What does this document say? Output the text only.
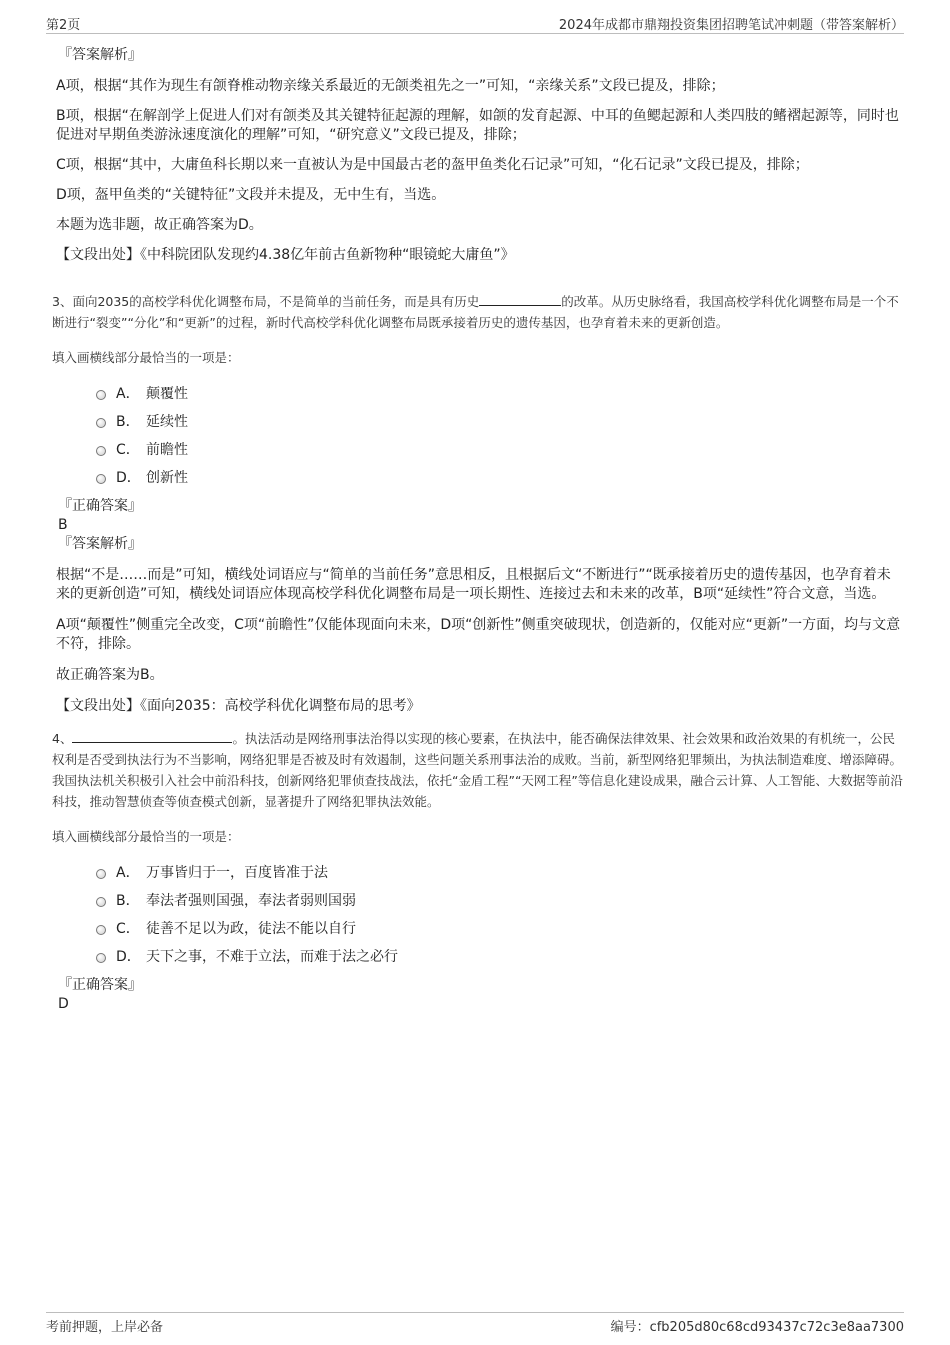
第2页	2024年成都市鼎翔投资集团招聘笔试冲刺题（带答案解析）
『答案解析』

A项，根据“其作为现生有颌脊椎动物亲缘关系最近的无颌类祖先之一”可知，“亲缘关系”文段已提及，排除；

B项，根据“在解剖学上促进人们对有颌类及其关键特征起源的理解，如颌的发育起源、中耳的鱼鳃起源和人类四肢的鳍褶起源等，同时也促进对早期鱼类游泳速度演化的理解”可知，“研究意义”文段已提及，排除；

C项，根据“其中，大庸鱼科长期以来一直被认为是中国最古老的盔甲鱼类化石记录”可知，“化石记录”文段已提及，排除；

D项，盔甲鱼类的“关键特征”文段并未提及，无中生有，当选。

本题为选非题，故正确答案为D。

【文段出处】《中科院团队发现约4.38亿年前古鱼新物种“眼镜蛇大庸鱼”》

3、面向2035的高校学科优化调整布局，不是简单的当前任务，而是具有历史	的改革。从历史脉络看，我国高校学科优化调整布局是一个不断进行“裂变”“分化”和“更新”的过程，新时代高校学科优化调整布局既承接着历史的遗传基因，也孕育着未来的更新创造。

填入画横线部分最恰当的一项是：

A． 颠覆性
B． 延续性
C． 前瞻性
D． 创新性
『正确答案』
B
『答案解析』

根据“不是……而是”可知，横线处词语应与“简单的当前任务”意思相反，且根据后文“不断进行”“既承接着历史的遗传基因，也孕育着未来的更新创造”可知，横线处词语应体现高校学科优化调整布局是一项长期性、连接过去和未来的改革，B项“延续性”符合文意，当选。

A项“颠覆性”侧重完全改变，C项“前瞻性”仅能体现面向未来，D项“创新性”侧重突破现状，创造新的，仅能对应“更新”一方面，均与文意不符，排除。

故正确答案为B。

【文段出处】《面向2035：高校学科优化调整布局的思考》

4、	。执法活动是网络刑事法治得以实现的核心要素，在执法中，能否确保法律效果、社会效果和政治效果的有机统一，公民权利是否受到执法行为不当影响，网络犯罪是否被及时有效遏制，这些问题关系刑事法治的成败。当前，新型网络犯罪频出，为执法制造难度、增添障碍。我国执法机关积极引入社会中前沿科技，创新网络犯罪侦查技战法，依托“金盾工程”“天网工程”等信息化建设成果，融合云计算、人工智能、大数据等前沿科技，推动智慧侦查等侦查模式创新，显著提升了网络犯罪执法效能。

填入画横线部分最恰当的一项是：

A． 万事皆归于一，百度皆准于法
B． 奉法者强则国强，奉法者弱则国弱
C． 徒善不足以为政，徒法不能以自行
D． 天下之事，不难于立法，而难于法之必行
『正确答案』
D
考前押题，上岸必备	编号：cfb205d80c68cd93437c72c3e8aa7300
